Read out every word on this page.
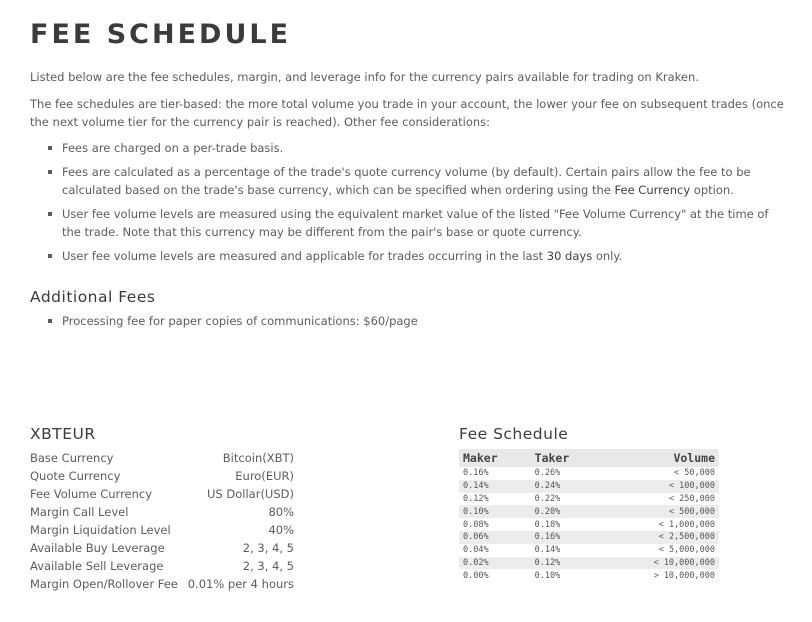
FEE SCHEDULE

Listed below are the fee schedules, margin, and leverage info for the currency pairs available for trading on Kraken.

The fee schedules are tier-based: the more total volume you trade in your account, the lower your fee on subsequent trades (once the next volume tier for the currency pair is reached). Other fee considerations:

Fees are charged on a per-trade basis.
Fees are calculated as a percentage of the trade's quote currency volume (by default). Certain pairs allow the fee to be calculated based on the trade's base currency, which can be specified when ordering using the Fee Currency option.
User fee volume levels are measured using the equivalent market value of the listed "Fee Volume Currency" at the time of the trade. Note that this currency may be different from the pair's base or quote currency.
User fee volume levels are measured and applicable for trades occurring in the last 30 days only.
Additional Fees
Processing fee for paper copies of communications: $60/page
XBTEUR
Base Currency	Bitcoin(XBT)
Quote Currency	Euro(EUR)
Fee Volume Currency	US Dollar(USD)
Margin Call Level	80%
Margin Liquidation Level	40%
Available Buy Leverage	2, 3, 4, 5
Available Sell Leverage	2, 3, 4, 5
Margin Open/Rollover Fee 0.01% per 4 hours
Fee Schedule
Maker	Taker	Volume
0.16%	0.26%	< 50,000
0.14%	0.24%	< 100,000
0.12%	0.22%	< 250,000
0.10%	0.20%	< 500,000
0.08%	0.18%	< 1,000,000
0.06%	0.16%	< 2,500,000
0.04%	0.14%	< 5,000,000
0.02%	0.12%	< 10,000,000
0.00%	0.10%	> 10,000,000
